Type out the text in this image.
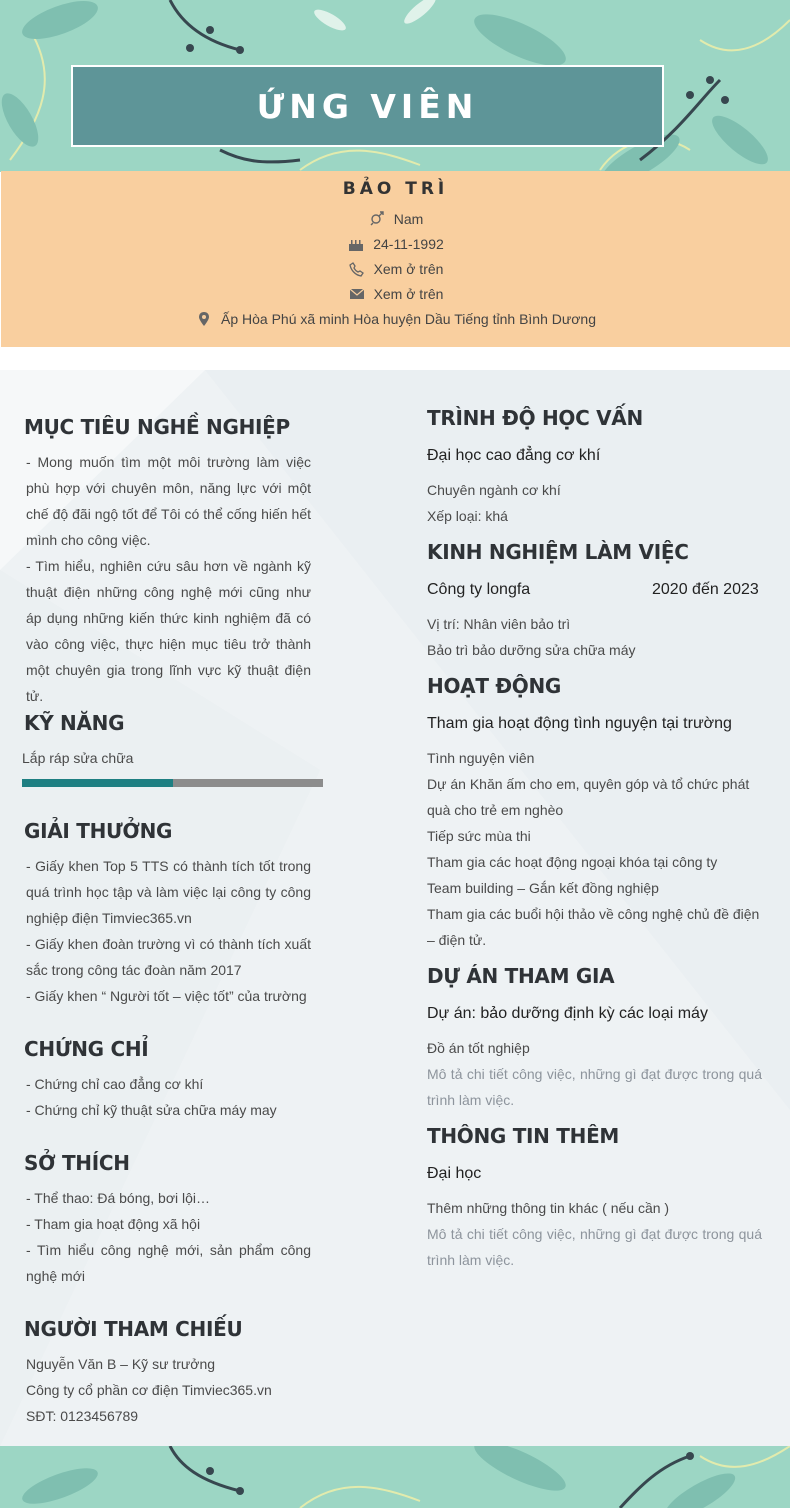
ỨNG VIÊN
BẢO TRÌ
Nam
24-11-1992
Xem ở trên
Xem ở trên
Ấp Hòa Phú xã minh Hòa huyện Dầu Tiếng tỉnh Bình Dương
MỤC TIÊU NGHỀ NGHIỆP
- Mong muốn tìm một môi trường làm việc phù hợp với chuyên môn, năng lực với một chế độ đãi ngộ tốt để Tôi có thể cống hiến hết mình cho công việc.
- Tìm hiểu, nghiên cứu sâu hơn về ngành kỹ thuật điện những công nghệ mới cũng như áp dụng những kiến thức kinh nghiệm đã có vào công việc, thực hiện mục tiêu trở thành một chuyên gia trong lĩnh vực kỹ thuật điện tử.
KỸ NĂNG
Lắp ráp sửa chữa
GIẢI THƯỞNG
- Giấy khen Top 5 TTS có thành tích tốt trong quá trình học tập và làm việc lại công ty công nghiệp điện Timviec365.vn
- Giấy khen đoàn trường vì có thành tích xuất sắc trong công tác đoàn năm 2017
- Giấy khen “ Người tốt – việc tốt” của trường
CHỨNG CHỈ
- Chứng chỉ cao đẳng cơ khí
- Chứng chỉ kỹ thuật sửa chữa máy may
SỞ THÍCH
- Thể thao: Đá bóng, bơi lội…
- Tham gia hoạt động xã hội
- Tìm hiểu công nghệ mới, sản phẩm công nghệ mới
NGƯỜI THAM CHIẾU
Nguyễn Văn B – Kỹ sư trưởng
Công ty cổ phần cơ điện Timviec365.vn
SĐT: 0123456789
TRÌNH ĐỘ HỌC VẤN
Đại học cao đẳng cơ khí
Chuyên ngành cơ khí
Xếp loại: khá
KINH NGHIỆM LÀM VIỆC
Công ty longfa	2020 đến 2023
Vị trí: Nhân viên bảo trì
Bảo trì bảo dưỡng sửa chữa máy
HOẠT ĐỘNG
Tham gia hoạt động tình nguyện tại trường
Tình nguyện viên
Dự án Khăn ấm cho em, quyên góp và tổ chức phát quà cho trẻ em nghèo
Tiếp sức mùa thi
Tham gia các hoạt động ngoại khóa tại công ty
Team building – Gắn kết đồng nghiệp
Tham gia các buổi hội thảo về công nghệ chủ đề điện – điện tử.
DỰ ÁN THAM GIA
Dự án: bảo dưỡng định kỳ các loại máy
Đồ án tốt nghiệp
Mô tả chi tiết công việc, những gì đạt được trong quá trình làm việc.
THÔNG TIN THÊM
Đại học
Thêm những thông tin khác ( nếu cần )
Mô tả chi tiết công việc, những gì đạt được trong quá trình làm việc.
